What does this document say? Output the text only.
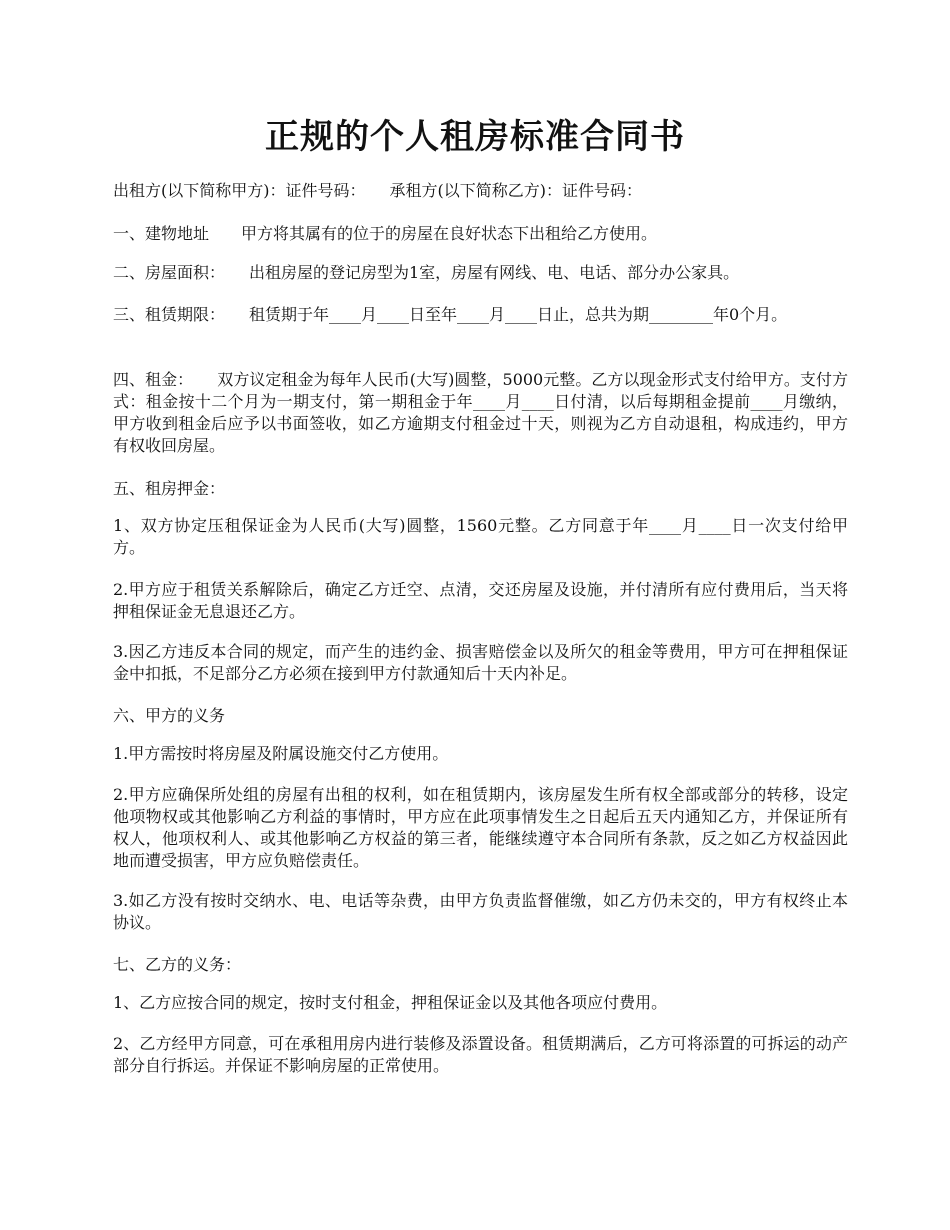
正规的个人租房标准合同书
出租方(以下简称甲方)：证件号码：　　承租方(以下简称乙方)：证件号码：
一、建物地址　　甲方将其属有的位于的房屋在良好状态下出租给乙方使用。
二、房屋面积：　　出租房屋的登记房型为1室，房屋有网线、电、电话、部分办公家具。
三、租赁期限：　　租赁期于年____月____日至年____月____日止，总共为期________年0个月。
四、租金：　　双方议定租金为每年人民币(大写)圆整，5000元整。乙方以现金形式支付给甲方。支付方式：租金按十二个月为一期支付，第一期租金于年____月____日付清，以后每期租金提前____月缴纳，甲方收到租金后应予以书面签收，如乙方逾期支付租金过十天，则视为乙方自动退租，构成违约，甲方有权收回房屋。
五、租房押金：
1、双方协定压租保证金为人民币(大写)圆整，1560元整。乙方同意于年____月____日一次支付给甲方。
2.甲方应于租赁关系解除后，确定乙方迁空、点清，交还房屋及设施，并付清所有应付费用后，当天将押租保证金无息退还乙方。
3.因乙方违反本合同的规定，而产生的违约金、损害赔偿金以及所欠的租金等费用，甲方可在押租保证金中扣抵，不足部分乙方必须在接到甲方付款通知后十天内补足。
六、甲方的义务
1.甲方需按时将房屋及附属设施交付乙方使用。
2.甲方应确保所处组的房屋有出租的权利，如在租赁期内，该房屋发生所有权全部或部分的转移，设定他项物权或其他影响乙方利益的事情时，甲方应在此项事情发生之日起后五天内通知乙方，并保证所有权人，他项权利人、或其他影响乙方权益的第三者，能继续遵守本合同所有条款，反之如乙方权益因此地而遭受损害，甲方应负赔偿责任。
3.如乙方没有按时交纳水、电、电话等杂费，由甲方负责监督催缴，如乙方仍未交的，甲方有权终止本协议。
七、乙方的义务：
1、乙方应按合同的规定，按时支付租金，押租保证金以及其他各项应付费用。
2、乙方经甲方同意，可在承租用房内进行装修及添置设备。租赁期满后，乙方可将添置的可拆运的动产部分自行拆运。并保证不影响房屋的正常使用。
